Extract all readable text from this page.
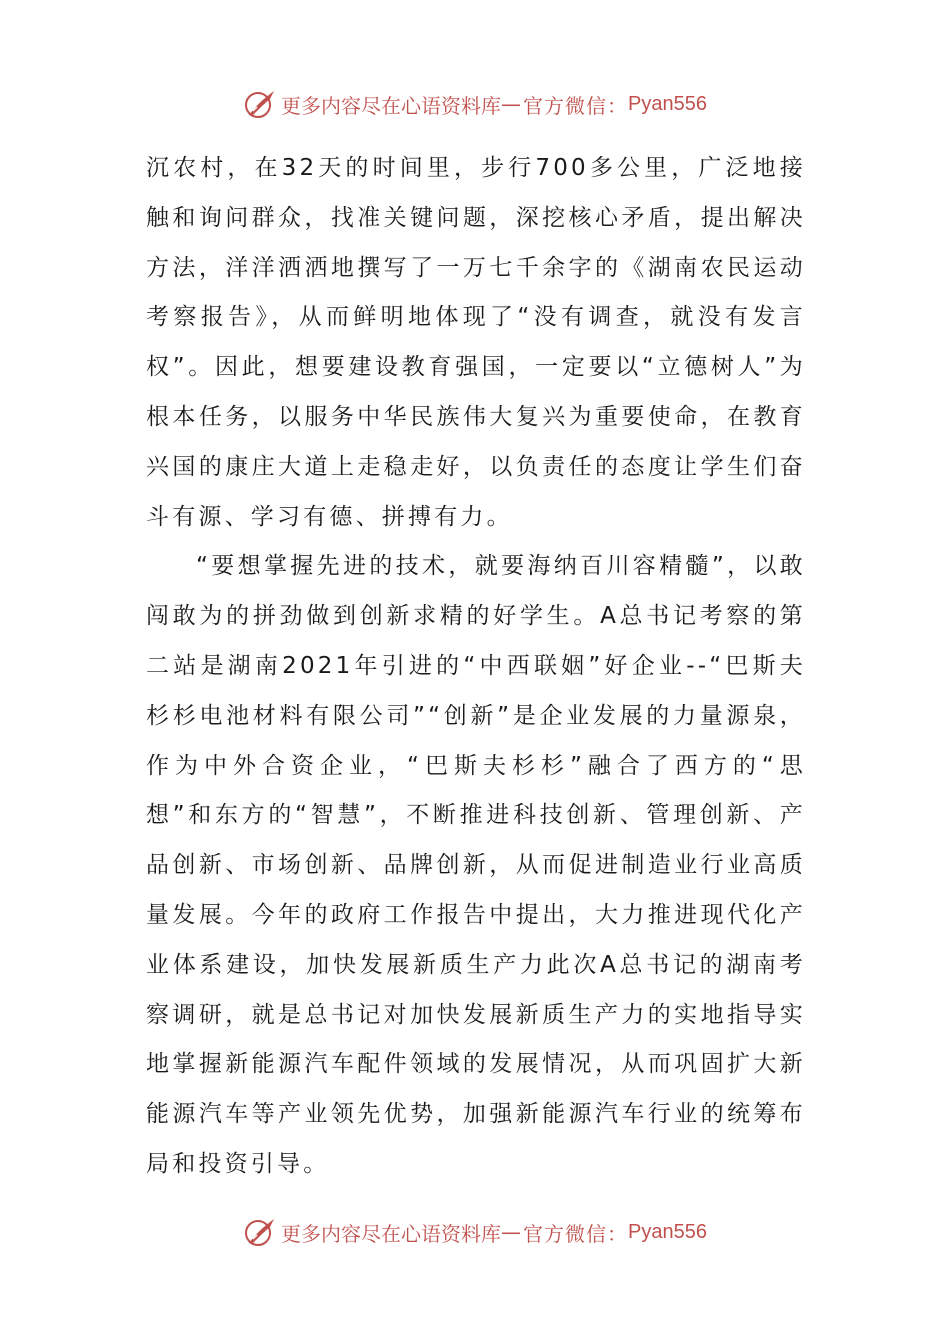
更多内容尽在心语资料库 — 官方微信： Pyan556

沉农村，在32天的时间里，步行700多公里，广泛地接触和询问群众，找准关键问题，深挖核心矛盾，提出解决方法，洋洋洒洒地撰写了一万七千余字的《湖南农民运动考察报告》，从而鲜明地体现了“没有调查，就没有发言权”。因此，想要建设教育强国，一定要以“立德树人”为根本任务，以服务中华民族伟大复兴为重要使命，在教育兴国的康庄大道上走稳走好，以负责任的态度让学生们奋斗有源、学习有德、拼搏有力。

“要想掌握先进的技术，就要海纳百川容精髓”，以敢闯敢为的拼劲做到创新求精的好学生。A总书记考察的第二站是湖南2021年引进的“中西联姻”好企业--“巴斯夫杉杉电池材料有限公司”“创新”是企业发展的力量源泉，作为中外合资企业，“巴斯夫杉杉”融合了西方的“思想”和东方的“智慧”，不断推进科技创新、管理创新、产品创新、市场创新、品牌创新，从而促进制造业行业高质量发展。今年的政府工作报告中提出，大力推进现代化产业体系建设，加快发展新质生产力此次A总书记的湖南考察调研，就是总书记对加快发展新质生产力的实地指导实地掌握新能源汽车配件领域的发展情况，从而巩固扩大新能源汽车等产业领先优势，加强新能源汽车行业的统筹布局和投资引导。

更多内容尽在心语资料库 — 官方微信： Pyan556
